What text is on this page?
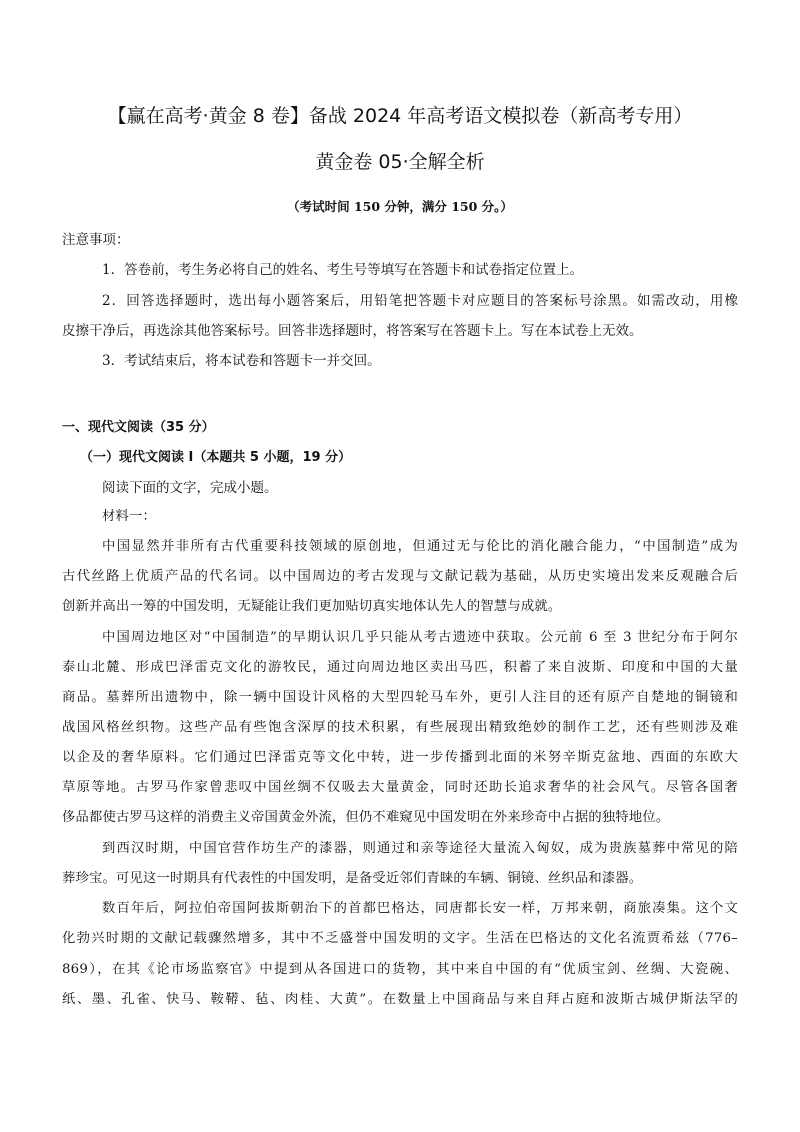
【赢在高考·黄金 8 卷】备战 2024 年高考语文模拟卷（新高考专用）
黄金卷 05·全解全析
（考试时间 150 分钟，满分 150 分。）
注意事项：
1．答卷前，考生务必将自己的姓名、考生号等填写在答题卡和试卷指定位置上。
2．回答选择题时，选出每小题答案后，用铅笔把答题卡对应题目的答案标号涂黑。如需改动，用橡
皮擦干净后，再选涂其他答案标号。回答非选择题时，将答案写在答题卡上。写在本试卷上无效。
3．考试结束后，将本试卷和答题卡一并交回。
一、现代文阅读（35 分）
（一）现代文阅读 I（本题共 5 小题，19 分）
阅读下面的文字，完成小题。
材料一：
中国显然并非所有古代重要科技领域的原创地，但通过无与伦比的消化融合能力，“中国制造”成为
古代丝路上优质产品的代名词。以中国周边的考古发现与文献记载为基础，从历史实境出发来反观融合后
创新并高出一筹的中国发明，无疑能让我们更加贴切真实地体认先人的智慧与成就。
中国周边地区对“中国制造”的早期认识几乎只能从考古遗迹中获取。公元前 6 至 3 世纪分布于阿尔
泰山北麓、形成巴泽雷克文化的游牧民，通过向周边地区卖出马匹，积蓄了来自波斯、印度和中国的大量
商品。墓葬所出遗物中，除一辆中国设计风格的大型四轮马车外，更引人注目的还有原产自楚地的铜镜和
战国风格丝织物。这些产品有些饱含深厚的技术积累，有些展现出精致绝妙的制作工艺，还有些则涉及难
以企及的奢华原料。它们通过巴泽雷克等文化中转，进一步传播到北面的米努辛斯克盆地、西面的东欧大
草原等地。古罗马作家曾悲叹中国丝绸不仅吸去大量黄金，同时还助长追求奢华的社会风气。尽管各国奢
侈品都使古罗马这样的消费主义帝国黄金外流，但仍不难窥见中国发明在外来珍奇中占据的独特地位。
到西汉时期，中国官营作坊生产的漆器，则通过和亲等途径大量流入匈奴，成为贵族墓葬中常见的陪
葬珍宝。可见这一时期具有代表性的中国发明，是备受近邻们青睐的车辆、铜镜、丝织品和漆器。
数百年后，阿拉伯帝国阿拔斯朝治下的首都巴格达，同唐都长安一样，万邦来朝，商旅凑集。这个文
化勃兴时期的文献记载骤然增多，其中不乏盛誉中国发明的文字。生活在巴格达的文化名流贾希兹（776–
869），在其《论市场监察官》中提到从各国进口的货物，其中来自中国的有“优质宝剑、丝绸、大瓷碗、
纸、墨、孔雀、快马、鞍鞯、毡、肉桂、大黄”。在数量上中国商品与来自拜占庭和波斯古城伊斯法罕的
